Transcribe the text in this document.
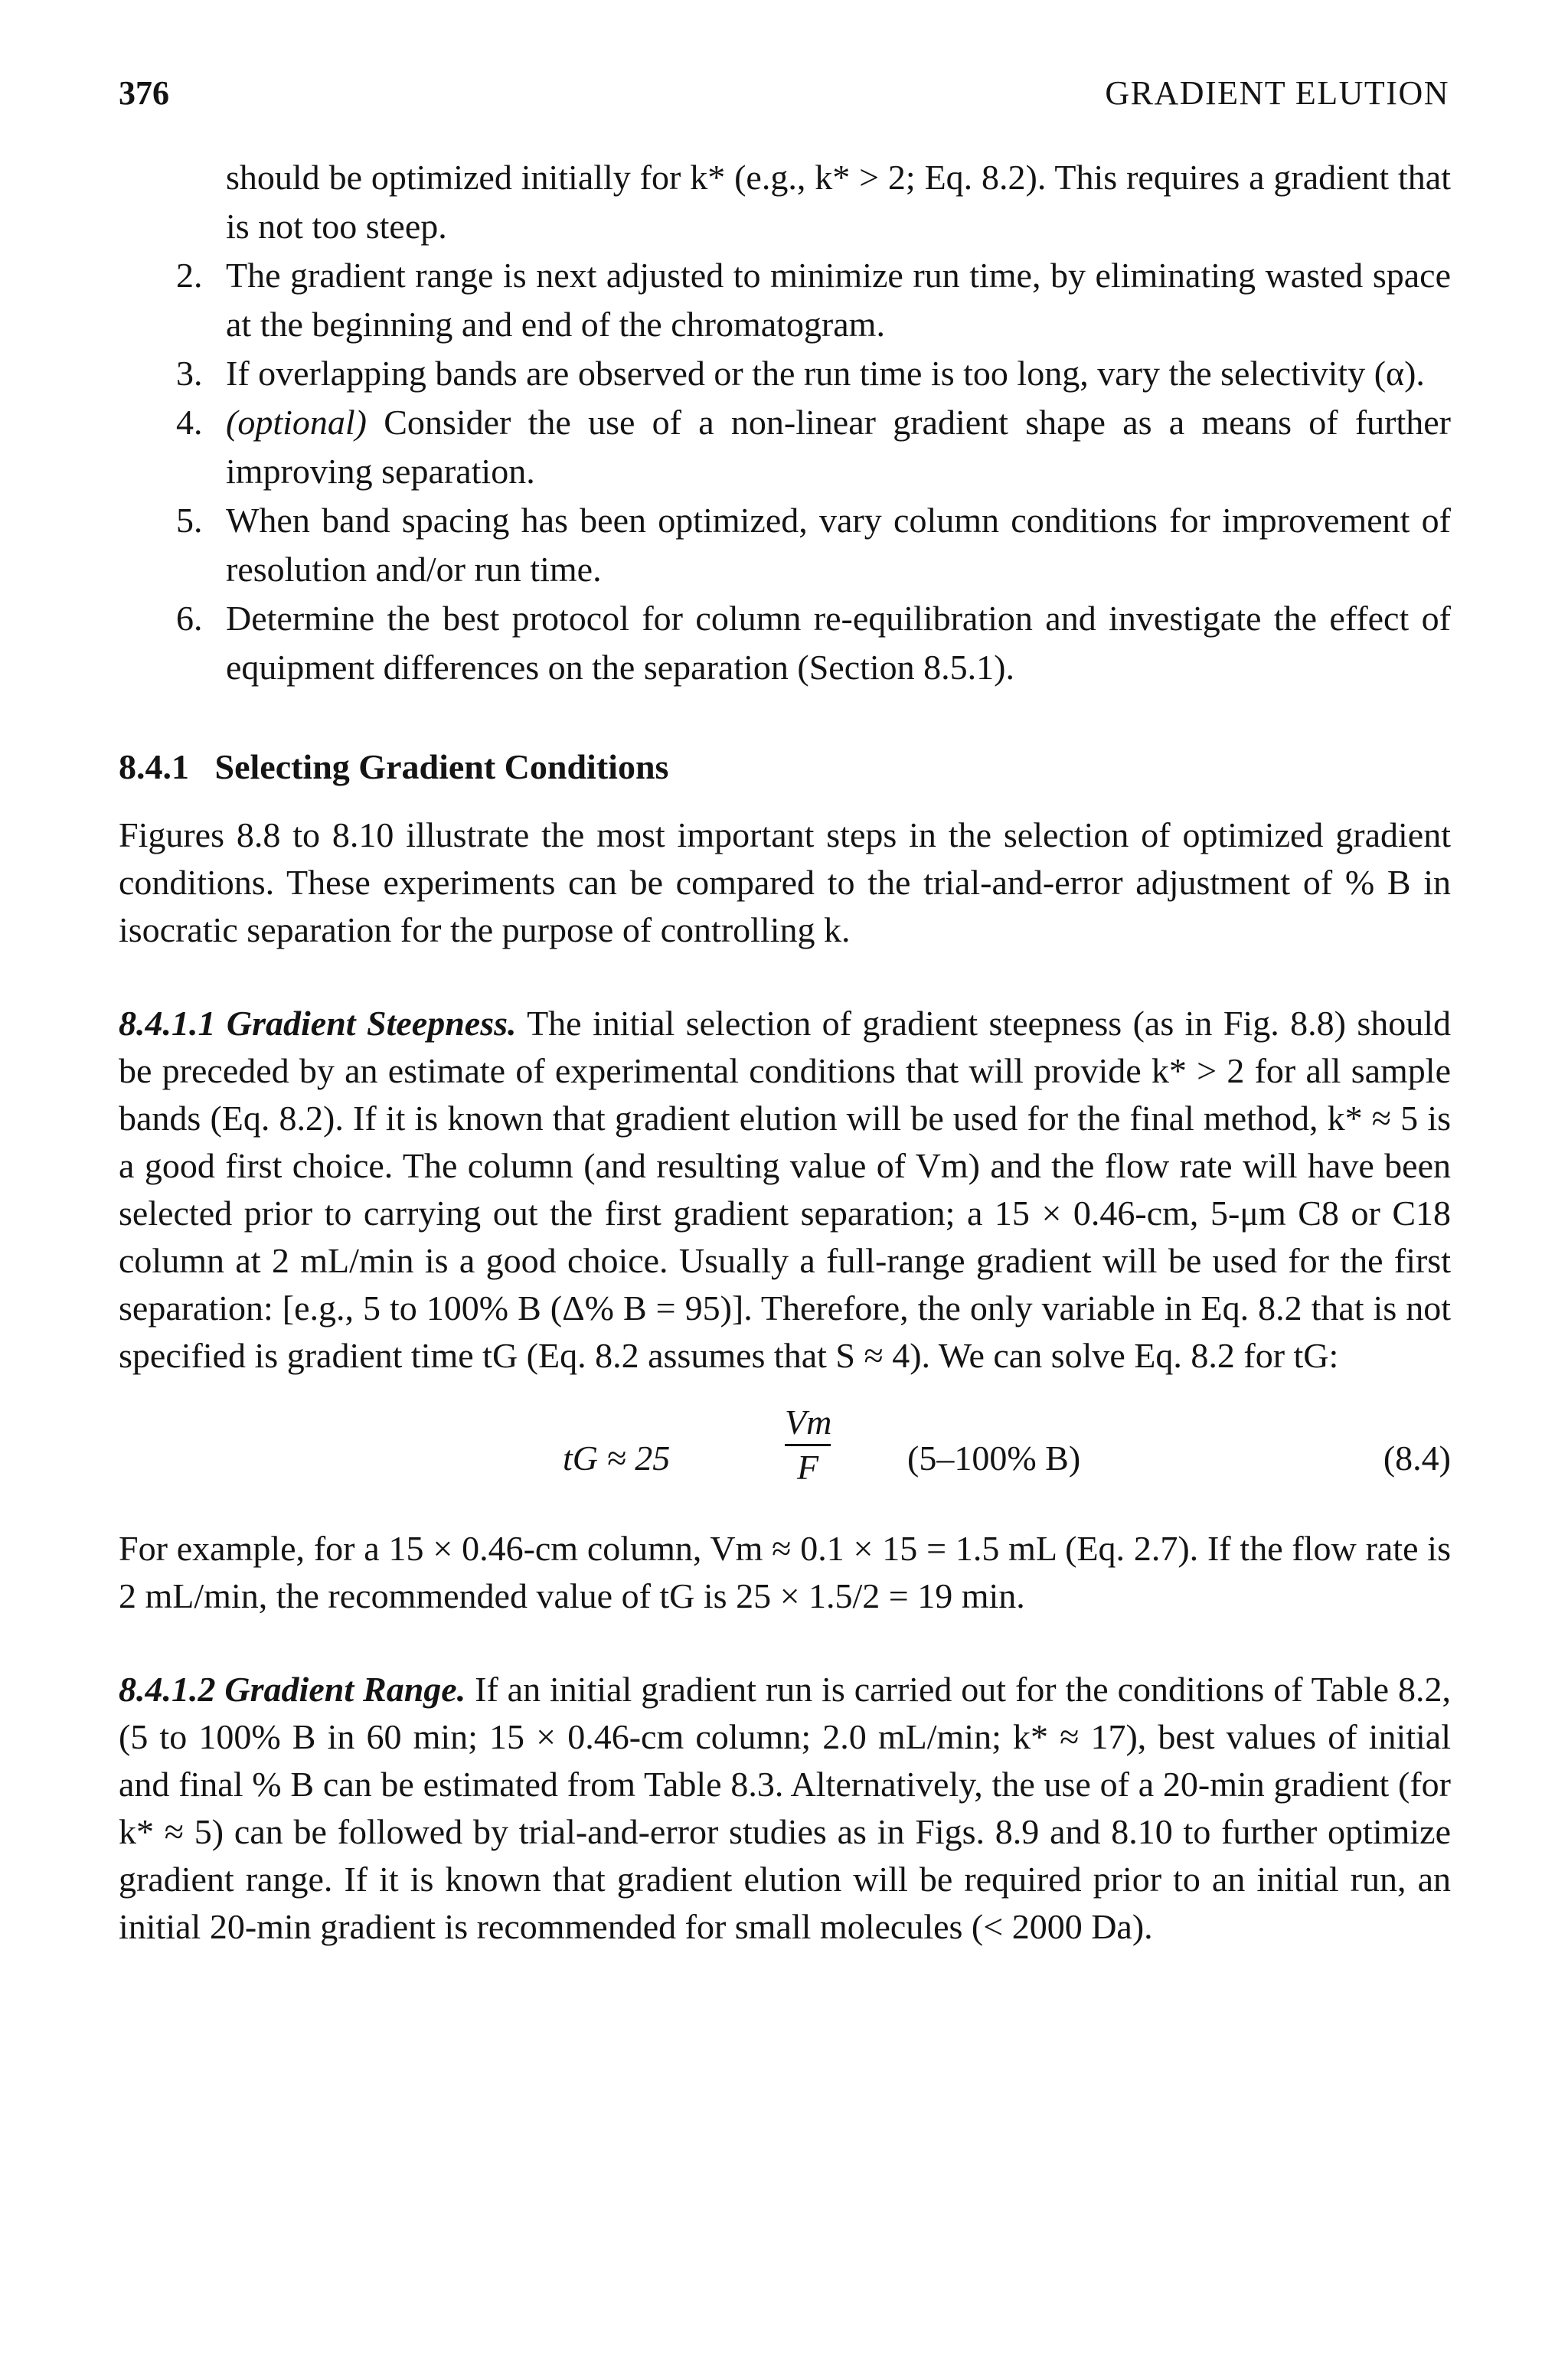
376	GRADIENT ELUTION

should be optimized initially for k* (e.g., k* > 2; Eq. 8.2). This requires a gradient that is not too steep.

2. The gradient range is next adjusted to minimize run time, by eliminating wasted space at the beginning and end of the chromatogram.

3. If overlapping bands are observed or the run time is too long, vary the selectivity (α).

4. (optional) Consider the use of a non-linear gradient shape as a means of further improving separation.

5. When band spacing has been optimized, vary column conditions for improvement of resolution and/or run time.

6. Determine the best protocol for column re-equilibration and investigate the effect of equipment differences on the separation (Section 8.5.1).

8.4.1 Selecting Gradient Conditions

Figures 8.8 to 8.10 illustrate the most important steps in the selection of optimized gradient conditions. These experiments can be compared to the trial-and-error adjustment of % B in isocratic separation for the purpose of controlling k.

8.4.1.1 Gradient Steepness. The initial selection of gradient steepness (as in Fig. 8.8) should be preceded by an estimate of experimental conditions that will provide k* > 2 for all sample bands (Eq. 8.2). If it is known that gradient elution will be used for the final method, k* ≈ 5 is a good first choice. The column (and resulting value of Vm) and the flow rate will have been selected prior to carrying out the first gradient separation; a 15 × 0.46-cm, 5-μm C8 or C18 column at 2 mL/min is a good choice. Usually a full-range gradient will be used for the first separation: [e.g., 5 to 100% B (Δ% B = 95)]. Therefore, the only variable in Eq. 8.2 that is not specified is gradient time tG (Eq. 8.2 assumes that S ≈ 4). We can solve Eq. 8.2 for tG:

tG ≈ 25
Vm
F	(5–100% B)	(8.4)

For example, for a 15 × 0.46-cm column, Vm ≈ 0.1 × 15 = 1.5 mL (Eq. 2.7). If the flow rate is 2 mL/min, the recommended value of tG is 25 × 1.5/2 = 19 min.

8.4.1.2 Gradient Range. If an initial gradient run is carried out for the conditions of Table 8.2, (5 to 100% B in 60 min; 15 × 0.46-cm column; 2.0 mL/min; k* ≈ 17), best values of initial and final % B can be estimated from Table 8.3. Alternatively, the use of a 20-min gradient (for k* ≈ 5) can be followed by trial-and-error studies as in Figs. 8.9 and 8.10 to further optimize gradient range. If it is known that gradient elution will be required prior to an initial run, an initial 20-min gradient is recommended for small molecules (< 2000 Da).
